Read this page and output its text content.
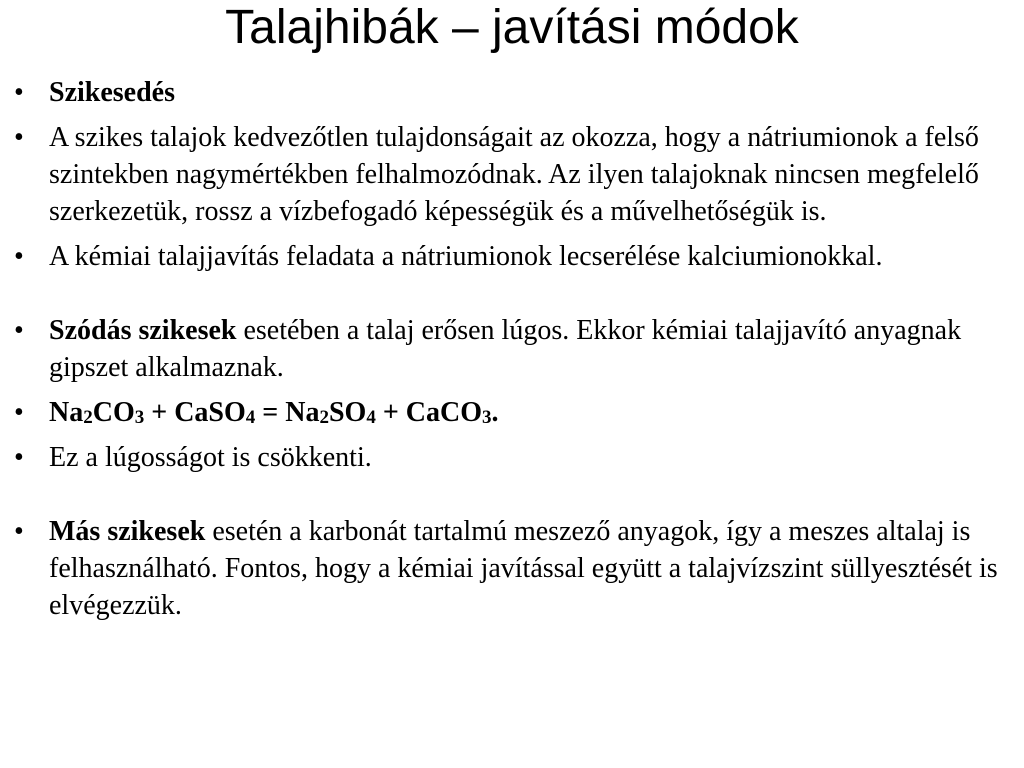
Talajhibák – javítási módok
• Szikesedés
• A szikes talajok kedvezőtlen tulajdonságait az okozza, hogy a nátriumionok a felső szintekben nagymértékben felhalmozódnak. Az ilyen talajoknak nincsen megfelelő szerkezetük, rossz a vízbefogadó képességük és a művelhetőségük is.
• A kémiai talajjavítás feladata a nátriumionok lecserélése kalciumionokkal.
• Szódás szikesek esetében a talaj erősen lúgos. Ekkor kémiai talajjavító anyagnak gipszet alkalmaznak.
• $Na_2CO_3$ + CaSO$_4$ = $Na_2SO_4$ + CaCO$_3$.
• Ez a lúgosságot is csökkenti.
• Más szikesek esetén a karbonát tartalmú meszező anyagok, így a meszes altalaj is felhasználható. Fontos, hogy a kémiai javítással együtt a talajvízszint süllyesztését is elvégezzük.
